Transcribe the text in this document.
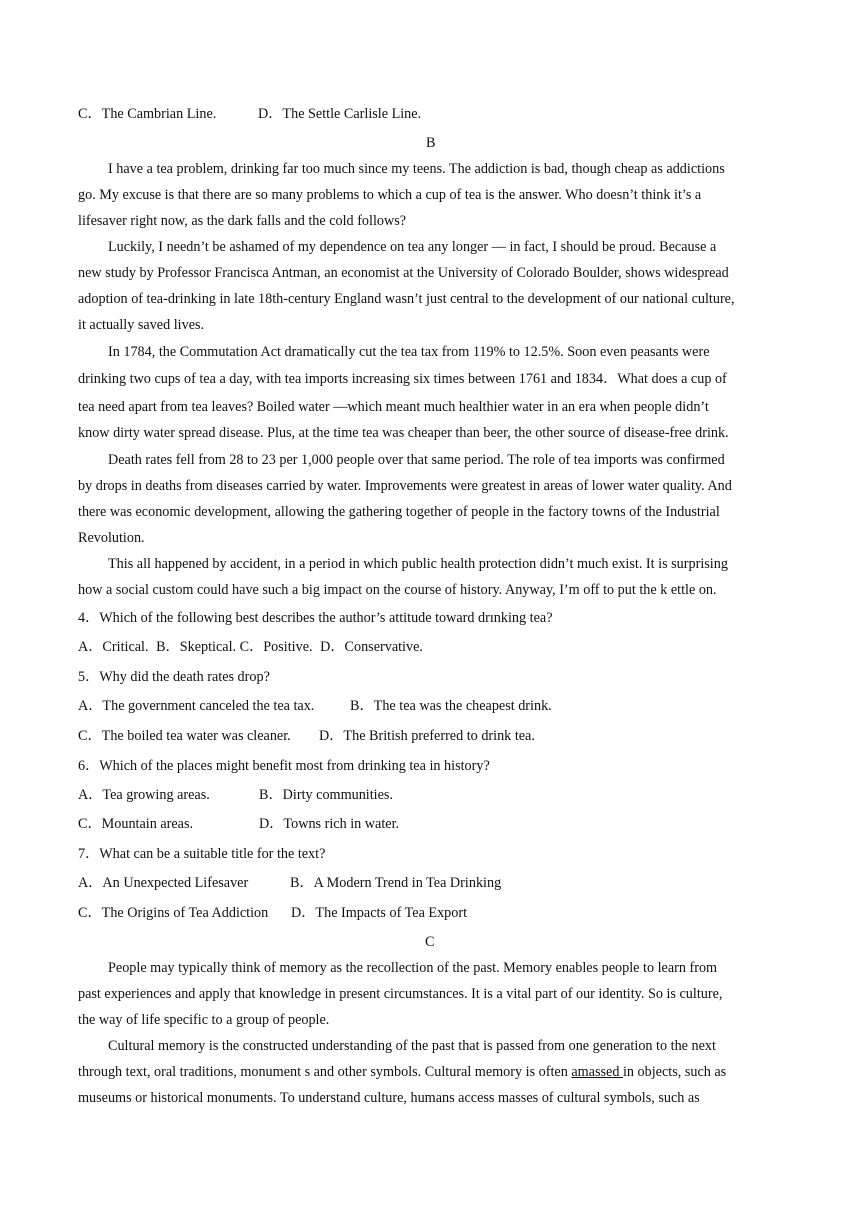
C．The Cambrian Line.	D．The Settle Carlisle Line.
B
I have a tea problem, drinking far too much since my teens. The addiction is bad, though cheap as addictions
go. My excuse is that there are so many problems to which a cup of tea is the answer. Who doesn’t think it’s a
lifesaver right now, as the dark falls and the cold follows?
Luckily, I needn’t be ashamed of my dependence on tea any longer — in fact, I should be proud. Because a
new study by Professor Francisca Antman, an economist at the University of Colorado Boulder, shows widespread
adoption of tea-drinking in late 18th-century England wasn’t just central to the development of our national culture,
it actually saved lives.
In 1784, the Commutation Act dramatically cut the tea tax from 119% to 12.5%. Soon even peasants were
drinking two cups of tea a day, with tea imports increasing six times between 1761 and 1834．What does a cup of
tea need apart from tea leaves? Boiled water —which meant much healthier water in an era when people didn’t
know dirty water spread disease. Plus, at the time tea was cheaper than beer, the other source of disease-free drink.
Death rates fell from 28 to 23 per 1,000 people over that same period. The role of tea imports was confirmed
by drops in deaths from diseases carried by water. Improvements were greatest in areas of lower water quality. And
there was economic development, allowing the gathering together of people in the factory towns of the Industrial
Revolution.
This all happened by accident, in a period in which public health protection didn’t much exist. It is surprising
how a social custom could have such a big impact on the course of history. Anyway, I’m off to put the k ettle on.
4．Which of the following best describes the author’s attitude toward drınking tea?
A．Critical. B．Skeptical. C．Positive. D．Conservative.
5．Why did the death rates drop?
A．The government canceled the tea tax.	B．The tea was the cheapest drink.
C．The boiled tea water was cleaner. D．The British preferred to drink tea.
6．Which of the places might benefit most from drinking tea in history?
A．Tea growing areas.	B．Dirty communities.
C．Mountain areas.	D．Towns rich in water.
7．What can be a suitable title for the text?
A．An Unexpected Lifesaver	B．A Modern Trend in Tea Drinking
C．The Origins of Tea Addiction D．The Impacts of Tea Export
C
People may typically think of memory as the recollection of the past. Memory enables people to learn from
past experiences and apply that knowledge in present circumstances. It is a vital part of our identity. So is culture,
the way of life specific to a group of people.
Cultural memory is the constructed understanding of the past that is passed from one generation to the next
through text, oral traditions, monument s and other symbols. Cultural memory is often amassed in objects, such as
museums or historical monuments. To understand culture, humans access masses of cultural symbols, such as
